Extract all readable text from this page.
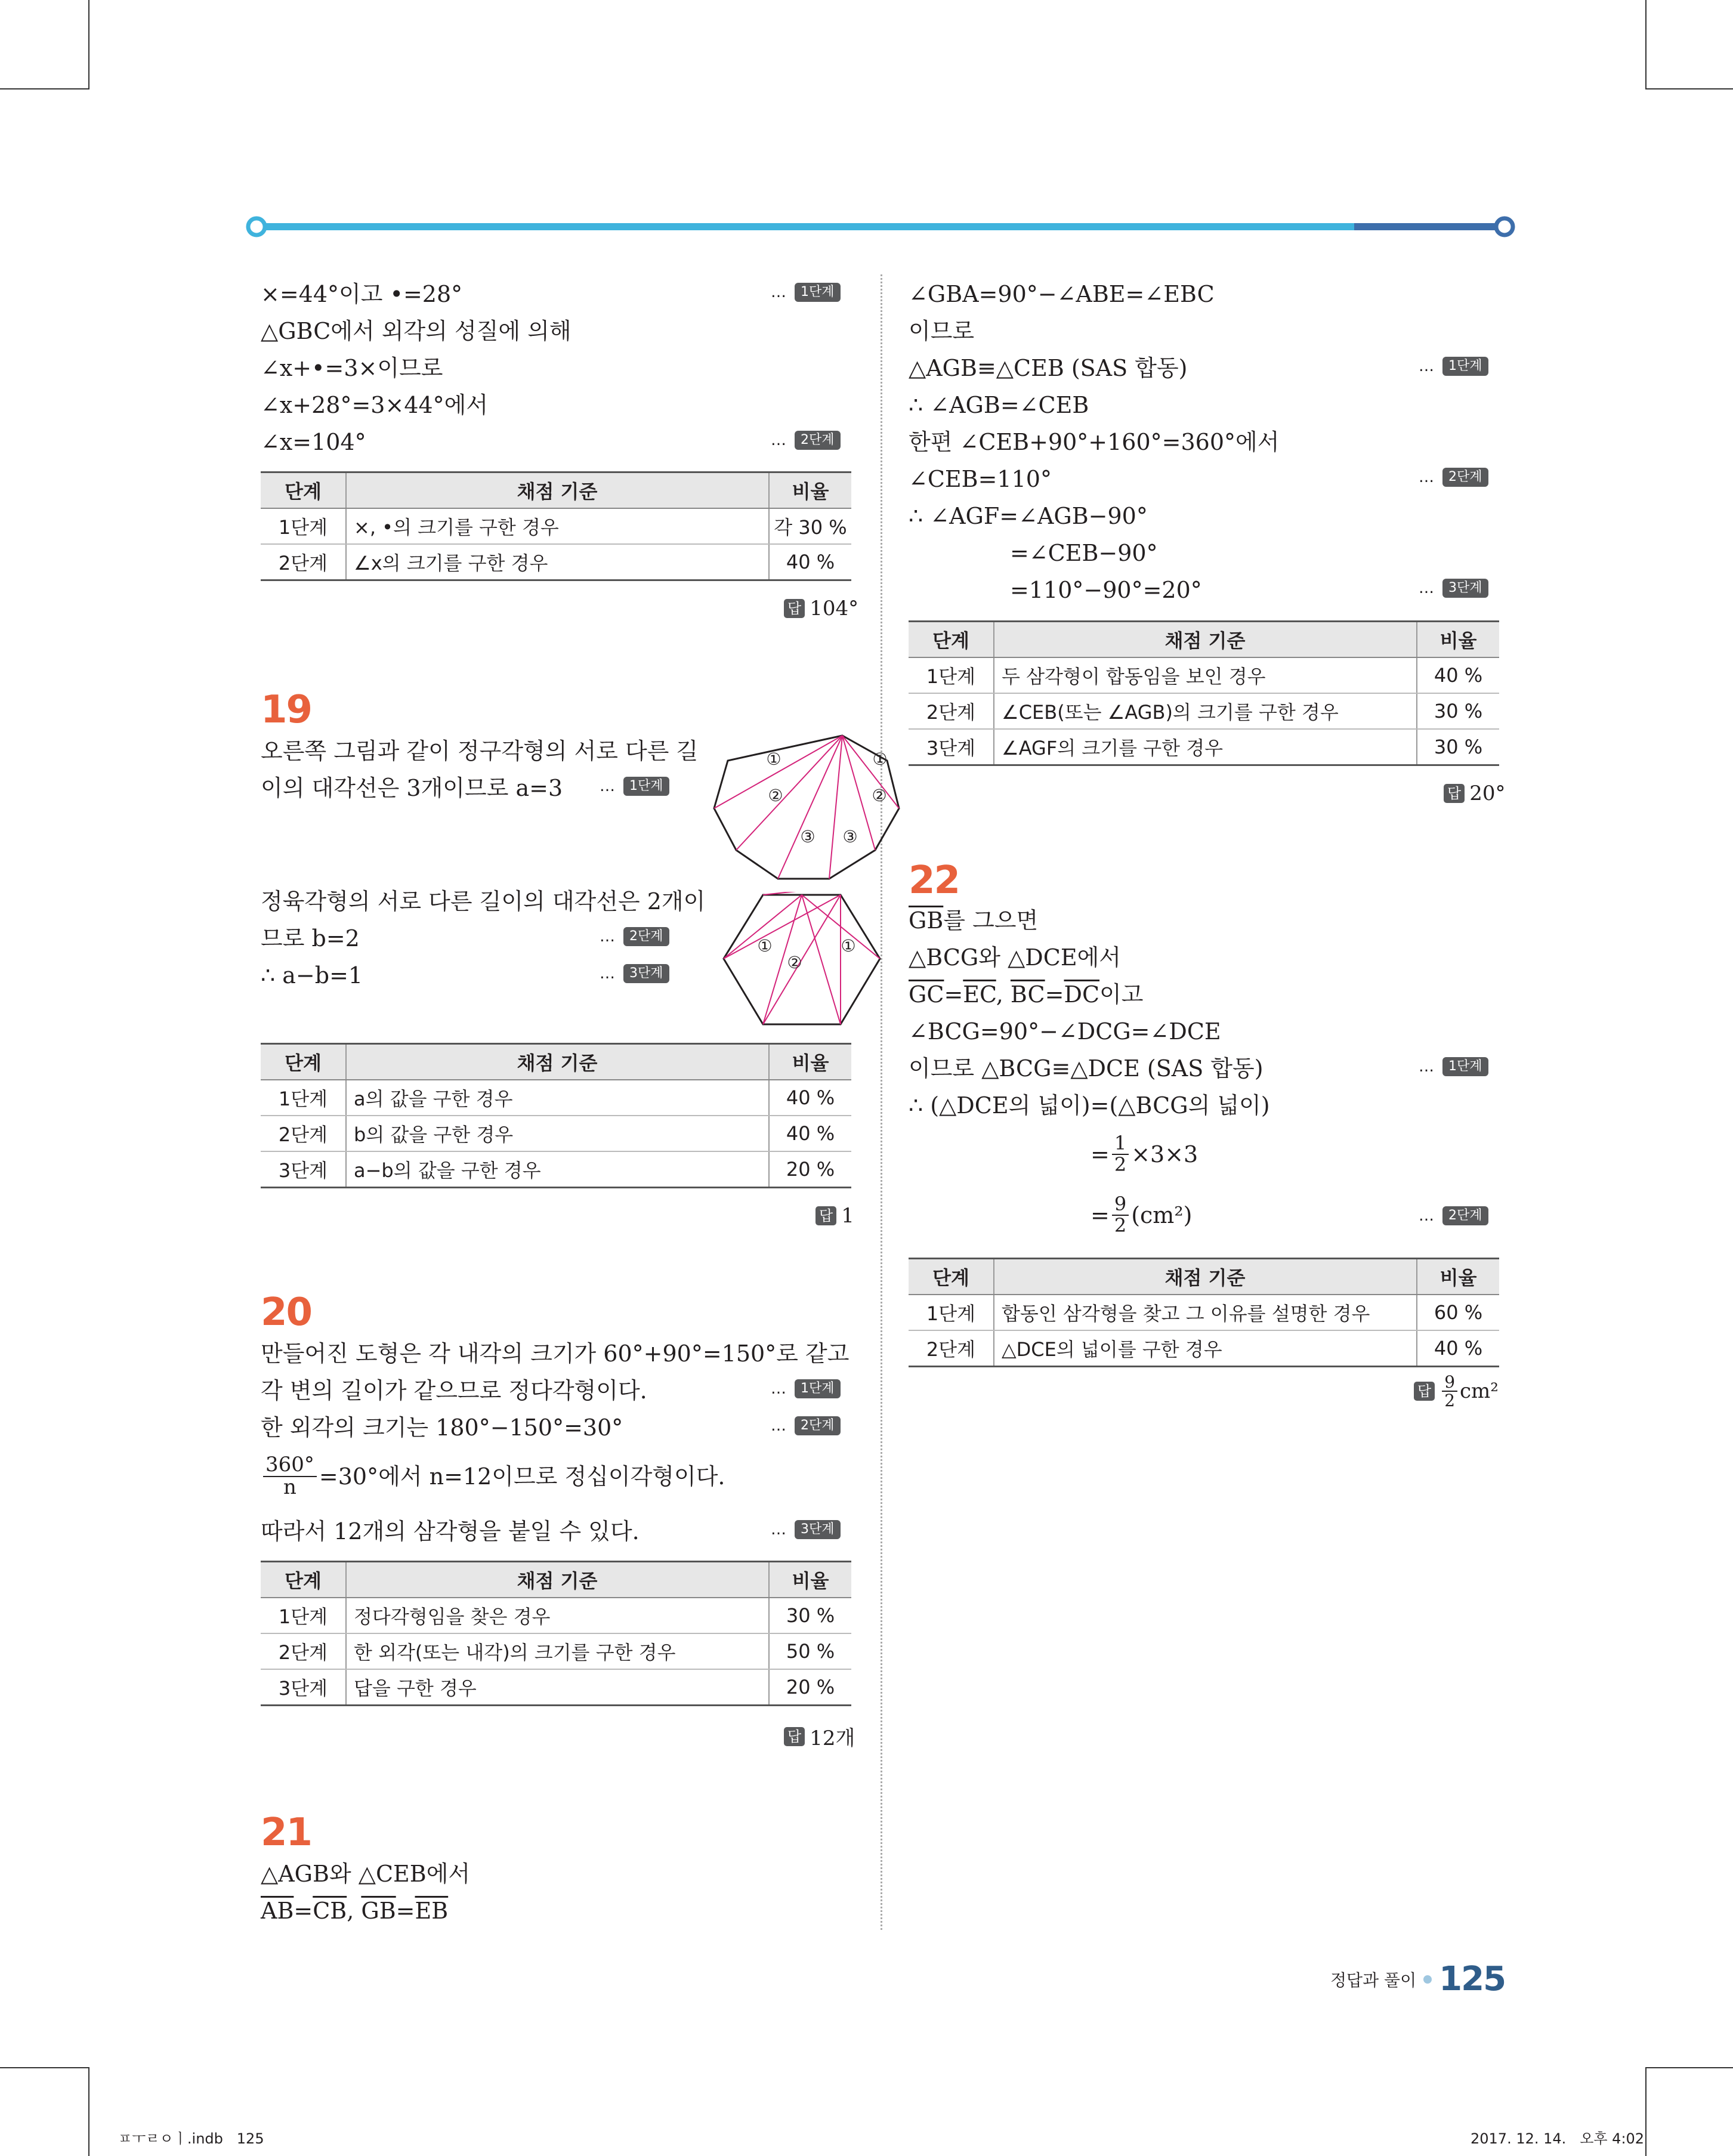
×=44°이고 •=28°
△GBC에서 외각의 성질에 의해
∠x+•=3×이므로
∠x+28°=3×44°에서
∠x=104°
…	1단계
…	2단계
단계	채점 기준	비율
1단계	×, •의 크기를 구한 경우	각 30 %
2단계	∠x의 크기를 구한 경우	40 %
답 104°
19
오른쪽 그림과 같이 정구각형의 서로 다른 길
이의 대각선은 3개이므로 a=3 …	1단계
①	①
②	②
③ ③
정육각형의 서로 다른 길이의 대각선은 2개이
므로 b=2
∴ a−b=1
…	2단계
…	3단계
①	①
②
단계	채점 기준	비율
1단계	a의 값을 구한 경우	40 %
2단계	b의 값을 구한 경우	40 %
3단계	a−b의 값을 구한 경우	20 %
답 1
20
만들어진 도형은 각 내각의 크기가 60°+90°=150°로 같고
각 변의 길이가 같으므로 정다각형이다.
한 외각의 크기는 180°−150°=30°
…	1단계
…	2단계
$\frac{360^\circ}{n} =30^\circ$에서 n=12이므로 정십이각형이다.
따라서 12개의 삼각형을 붙일 수 있다.	…	3단계
단계	채점 기준	비율
1단계	정다각형임을 찾은 경우	30 %
2단계	한 외각(또는 내각)의 크기를 구한 경우	50 %
3단계	답을 구한 경우	20 %
답 12개
21
△AGB와 △CEB에서
$\overline{AB}=\overline{CB}$, $\overline{GB}=\overline{EB}$
∠GBA=90°−∠ABE=∠EBC
이므로
△AGB≡△CEB (SAS 합동)
∴ ∠AGB=∠CEB
한편 ∠CEB+90°+160°=360°에서
∠CEB=110°
∴ ∠AGF=∠AGB−90°
=∠CEB−90°
=110°−90°=20°
…	1단계
…	2단계
…	3단계
단계	채점 기준	비율
1단계	두 삼각형이 합동임을 보인 경우	40 %
2단계	∠CEB(또는 ∠AGB)의 크기를 구한 경우	30 %
3단계	∠AGF의 크기를 구한 경우	30 %
답 20°
22
$\overline{GB}$를 그으면
△BCG와 △DCE에서
$\overline{GC}=\overline{EC}$, $\overline{BC}=\overline{DC}$이고
∠BCG=90°−∠DCG=∠DCE
이므로 △BCG≡△DCE (SAS 합동)
∴ (△DCE의 넓이)=(△BCG의 넓이)
…	1단계
= $\frac{1}{2} \times 3\times 3$
= $\frac{9}{2} (cm^2)$	…	2단계
단계	채점 기준	비율
1단계	합동인 삼각형을 찾고 그 이유를 설명한 경우	60 %
2단계	△DCE의 넓이를 구한 경우	40 %
답 $\frac{9}{2} cm^2$
정답과 풀이 125
ㅍㅜㄹㅇㅣ.indb   125	2017. 12. 14.   오후 4:02
